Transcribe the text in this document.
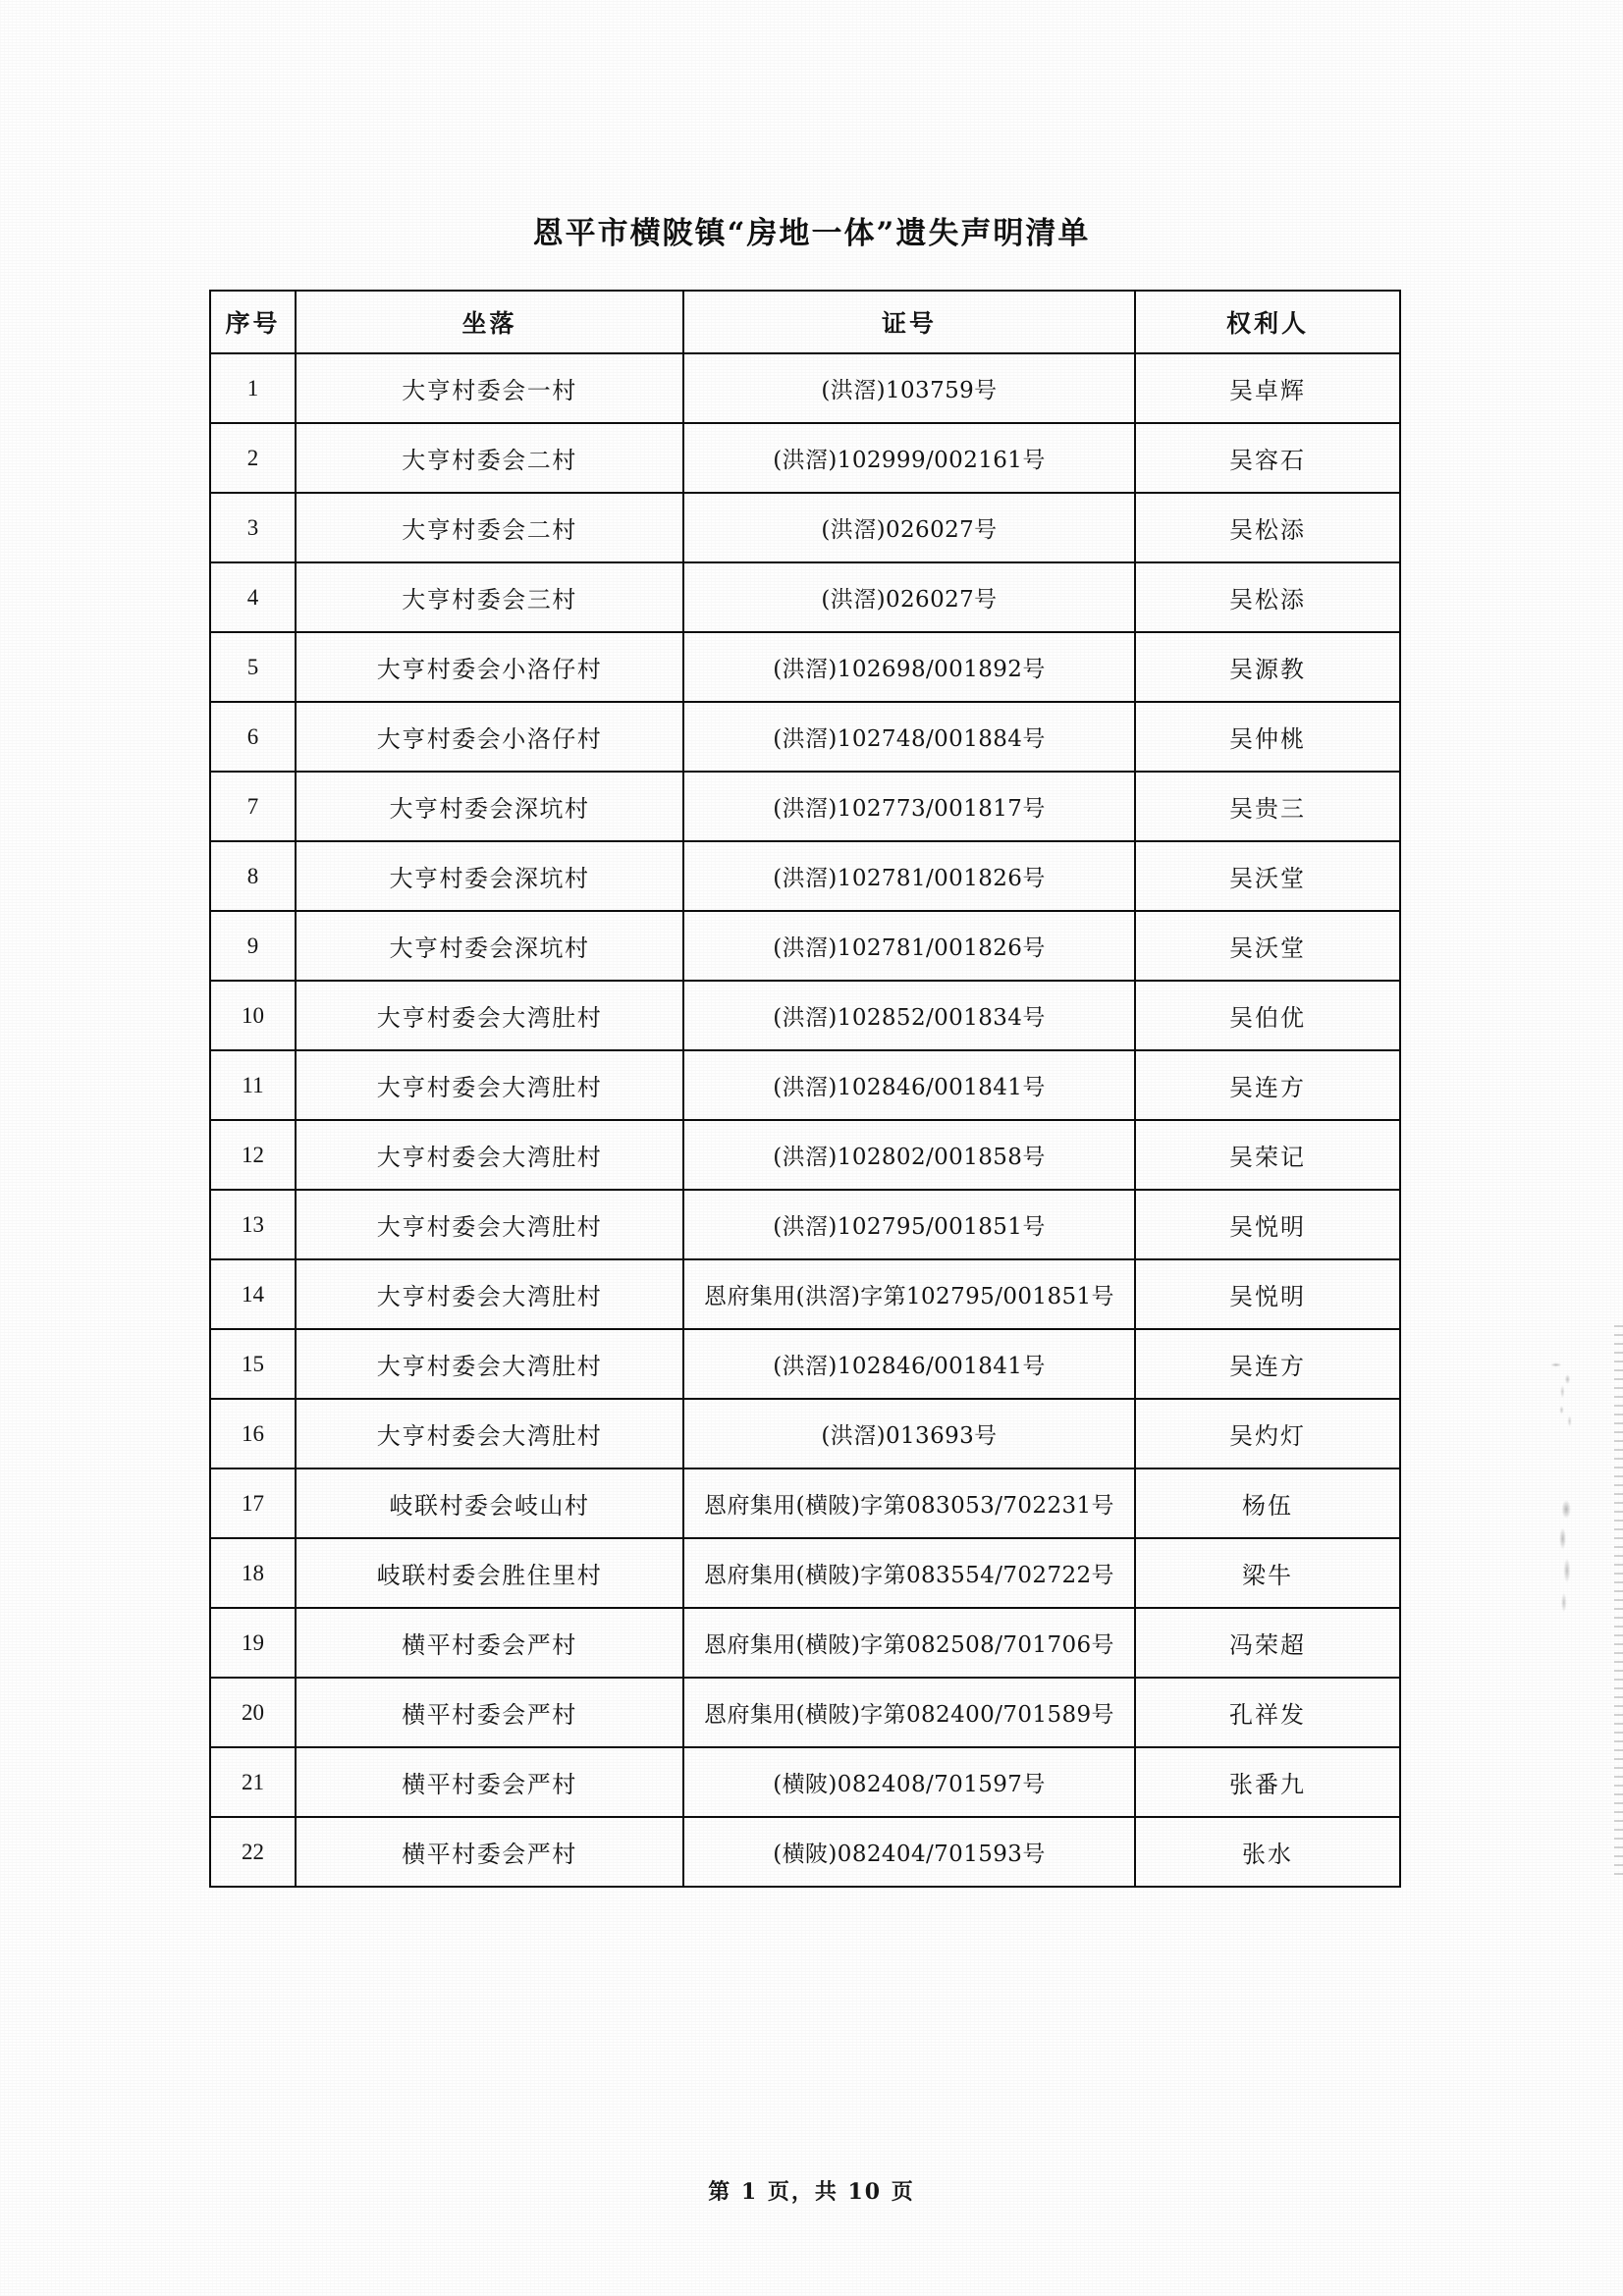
恩平市横陂镇“房地一体”遗失声明清单
序号	坐落	证号	权利人
1	大亨村委会一村	(洪滘)103759号	吴卓辉
2	大亨村委会二村	(洪滘)102999/002161号	吴容石
3	大亨村委会二村	(洪滘)026027号	吴松添
4	大亨村委会三村	(洪滘)026027号	吴松添
5	大亨村委会小洛仔村	(洪滘)102698/001892号	吴源教
6	大亨村委会小洛仔村	(洪滘)102748/001884号	吴仲桃
7	大亨村委会深坑村	(洪滘)102773/001817号	吴贵三
8	大亨村委会深坑村	(洪滘)102781/001826号	吴沃堂
9	大亨村委会深坑村	(洪滘)102781/001826号	吴沃堂
10	大亨村委会大湾肚村	(洪滘)102852/001834号	吴伯优
11	大亨村委会大湾肚村	(洪滘)102846/001841号	吴连方
12	大亨村委会大湾肚村	(洪滘)102802/001858号	吴荣记
13	大亨村委会大湾肚村	(洪滘)102795/001851号	吴悦明
14	大亨村委会大湾肚村	恩府集用(洪滘)字第102795/001851号	吴悦明
15	大亨村委会大湾肚村	(洪滘)102846/001841号	吴连方
16	大亨村委会大湾肚村	(洪滘)013693号	吴灼灯
17	岐联村委会岐山村	恩府集用(横陂)字第083053/702231号	杨伍
18	岐联村委会胜住里村	恩府集用(横陂)字第083554/702722号	梁牛
19	横平村委会严村	恩府集用(横陂)字第082508/701706号	冯荣超
20	横平村委会严村	恩府集用(横陂)字第082400/701589号	孔祥发
21	横平村委会严村	(横陂)082408/701597号	张番九
22	横平村委会严村	(横陂)082404/701593号	张水
第 1 页，共 10 页
